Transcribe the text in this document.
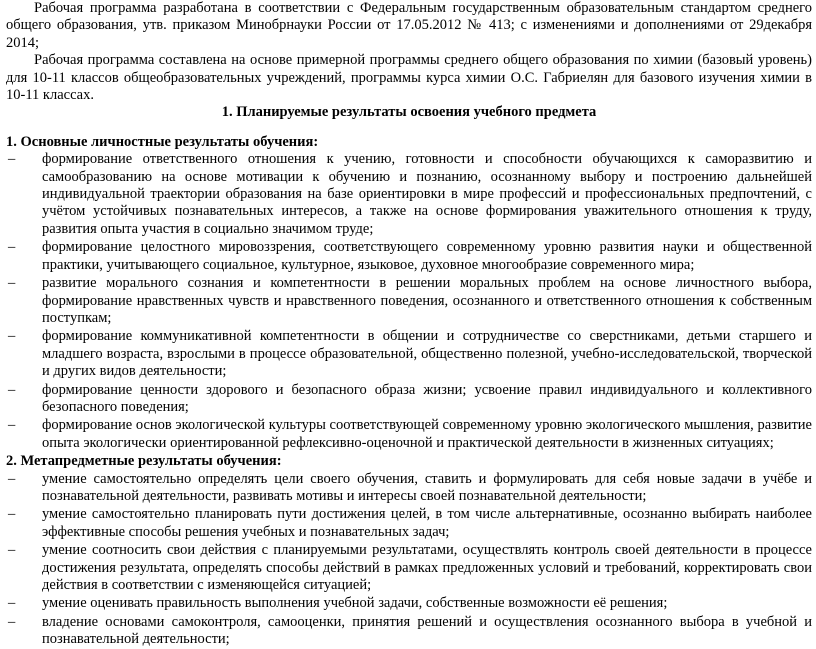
Рабочая программа разработана в соответствии с Федеральным государственным образовательным стандартом среднего общего образования, утв. приказом Минобрнауки России от 17.05.2012 № 413; с изменениями и дополнениями от 29декабря 2014;

Рабочая программа составлена на основе примерной программы среднего общего образования по химии (базовый уровень) для 10-11 классов общеобразовательных учреждений, программы курса химии О.С. Габриелян для базового изучения химии в 10-11 классах.

1. Планируемые результаты освоения учебного предмета

1. Основные личностные результаты обучения:

–	формирование ответственного отношения к учению, готовности и способности обучающихся к саморазвитию и самообразованию на основе мотивации к обучению и познанию, осознанному выбору и построению дальнейшей индивидуальной траектории образования на базе ориентировки в мире профессий и профессиональных предпочтений, с учётом устойчивых познавательных интересов, а также на основе формирования уважительного отношения к труду, развития опыта участия в социально значимом труде;
–	формирование целостного мировоззрения, соответствующего современному уровню развития науки и общественной практики, учитывающего социальное, культурное, языковое, духовное многообразие современного мира;
–	развитие морального сознания и компетентности в решении моральных проблем на основе личностного выбора, формирование нравственных чувств и нравственного поведения, осознанного и ответственного отношения к собственным поступкам;
–	формирование коммуникативной компетентности в общении и сотрудничестве со сверстниками, детьми старшего и младшего возраста, взрослыми в процессе образовательной, общественно полезной, учебно-исследовательской, творческой и других видов деятельности;
–	формирование ценности здорового и безопасного образа жизни; усвоение правил индивидуального и коллективного безопасного поведения;
–	формирование основ экологической культуры соответствующей современному уровню экологического мышления, развитие опыта экологически ориентированной рефлексивно-оценочной и практической деятельности в жизненных ситуациях;

2. Метапредметные результаты обучения:

–	умение самостоятельно определять цели своего обучения, ставить и формулировать для себя новые задачи в учёбе и познавательной деятельности, развивать мотивы и интересы своей познавательной деятельности;
–	умение самостоятельно планировать пути достижения целей, в том числе альтернативные, осознанно выбирать наиболее эффективные способы решения учебных и познавательных задач;
–	умение соотносить свои действия с планируемыми результатами, осуществлять контроль своей деятельности в процессе достижения результата, определять способы действий в рамках предложенных условий и требований, корректировать свои действия в соответствии с изменяющейся ситуацией;
–	умение оценивать правильность выполнения учебной задачи, собственные возможности её решения;
–	владение основами самоконтроля, самооценки, принятия решений и осуществления осознанного выбора в учебной и познавательной деятельности;
